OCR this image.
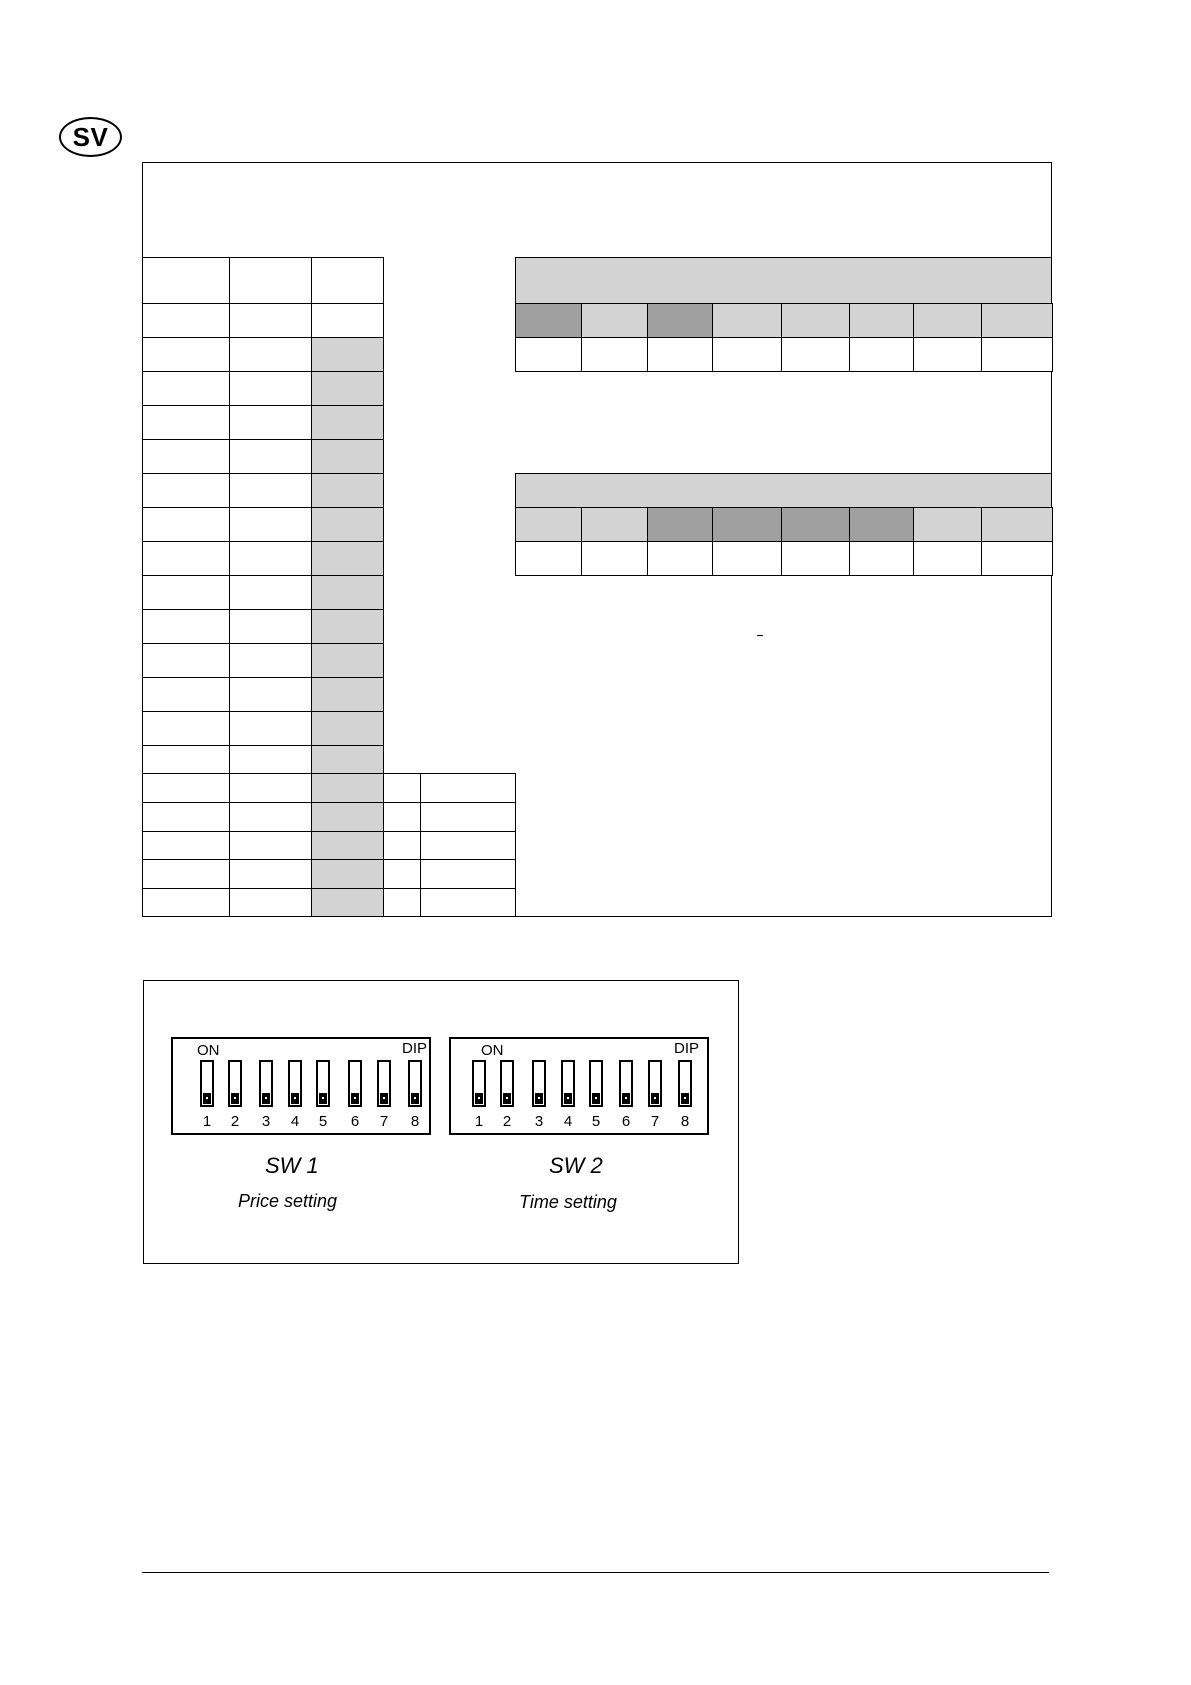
SV
ON	DIP
1 2 3 4 5 6 7 8
SW 1
Price setting
ON	DIP
1 2 3 4 5 6 7 8
SW 2
Time setting
